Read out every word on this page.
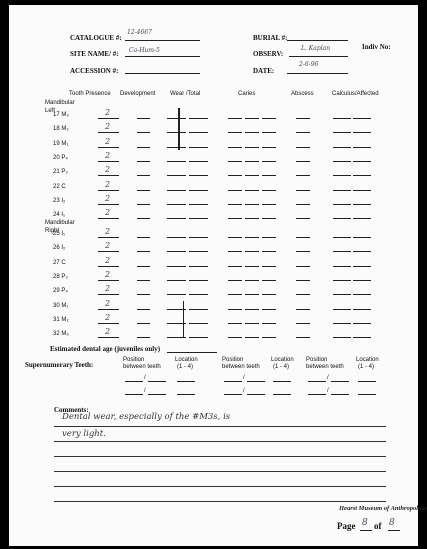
CATALOGUE #:
12-4667
BURIAL #:
Indiv No:
SITE NAME/ #: Ca-Hum-5	OBSERV:
L. Kaplan
ACCESSION #:	DATE:
2-6-96
Tooth Presence Development Wear /Total	Caries	Abscess	Calculus/Affected
Mandibular
Left
Mandibular
Right
17 M₃	2
18 M₂	2
19 M₁	2
20 P₄	2
21 P₃	2
22 C	2
23 I₂	2
24 I₁	2
25 I₁	2
26 I₂	2
27 C	2
28 P₃	2
29 P₄	2
30 M₁	2
31 M₂	2
32 M₃	2
Estimated dental age (juveniles only)
Supernumerary Teeth:
Position
between teeth
Location
(1 - 4)
/
/
Position
between teeth
Location
(1 - 4)
/
/
Position
between teeth
Location
(1 - 4)
/
/
Comments:
Dental wear, especially of the #M3s, is
very light.
Hearst Museum of Anthropology
Page 8 of 8
